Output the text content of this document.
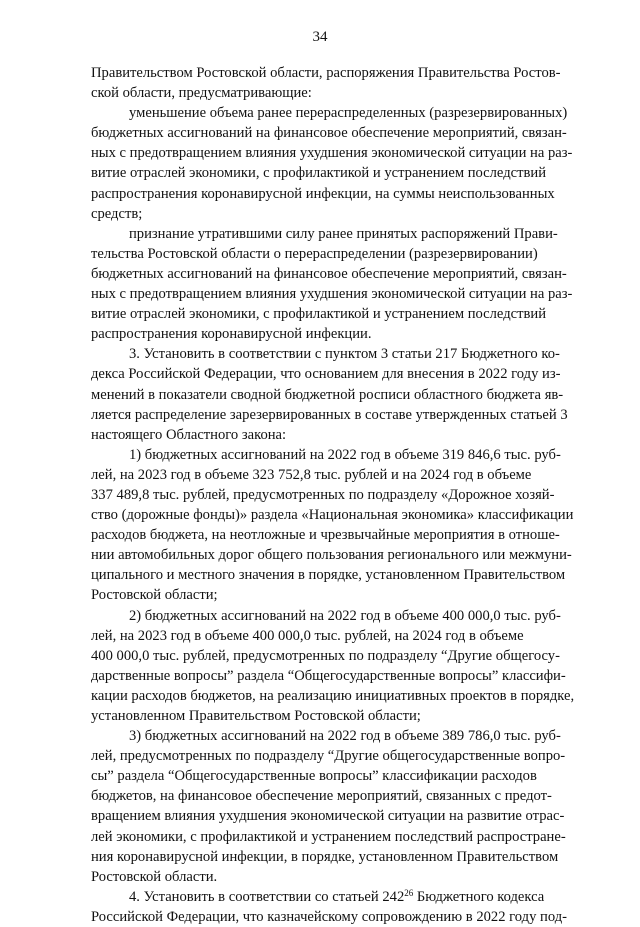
34

Правительством Ростовской области, распоряжения Правительства Ростов-
ской области, предусматривающие:

уменьшение объема ранее перераспределенных (разрезервированных)
бюджетных ассигнований на финансовое обеспечение мероприятий, связан-
ных с предотвращением влияния ухудшения экономической ситуации на раз-
витие отраслей экономики, с профилактикой и устранением последствий
распространения коронавирусной инфекции, на суммы неиспользованных
средств;

признание утратившими силу ранее принятых распоряжений Прави-
тельства Ростовской области о перераспределении (разрезервировании)
бюджетных ассигнований на финансовое обеспечение мероприятий, связан-
ных с предотвращением влияния ухудшения экономической ситуации на раз-
витие отраслей экономики, с профилактикой и устранением последствий
распространения коронавирусной инфекции.

3. Установить в соответствии с пунктом 3 статьи 217 Бюджетного ко-
декса Российской Федерации, что основанием для внесения в 2022 году из-
менений в показатели сводной бюджетной росписи областного бюджета яв-
ляется распределение зарезервированных в составе утвержденных статьей 3
настоящего Областного закона:

1) бюджетных ассигнований на 2022 год в объеме 319 846,6 тыс. руб-
лей, на 2023 год в объеме 323 752,8 тыс. рублей и на 2024 год в объеме
337 489,8 тыс. рублей, предусмотренных по подразделу «Дорожное хозяй-
ство (дорожные фонды)» раздела «Национальная экономика» классификации
расходов бюджета, на неотложные и чрезвычайные мероприятия в отноше-
нии автомобильных дорог общего пользования регионального или межмуни-
ципального и местного значения в порядке, установленном Правительством
Ростовской области;

2) бюджетных ассигнований на 2022 год в объеме 400 000,0 тыс. руб-
лей, на 2023 год в объеме 400 000,0 тыс. рублей, на 2024 год в объеме
400 000,0 тыс. рублей, предусмотренных по подразделу “Другие общегосу-
дарственные вопросы” раздела “Общегосударственные вопросы” классифи-
кации расходов бюджетов, на реализацию инициативных проектов в порядке,
установленном Правительством Ростовской области;

3) бюджетных ассигнований на 2022 год в объеме 389 786,0 тыс. руб-
лей, предусмотренных по подразделу “Другие общегосударственные вопро-
сы” раздела “Общегосударственные вопросы” классификации расходов
бюджетов, на финансовое обеспечение мероприятий, связанных с предот-
вращением влияния ухудшения экономической ситуации на развитие отрас-
лей экономики, с профилактикой и устранением последствий распростране-
ния коронавирусной инфекции, в порядке, установленном Правительством
Ростовской области.

4. Установить в соответствии со статьей $242^{26}$ Бюджетного кодекса
Российской Федерации, что казначейскому сопровождению в 2022 году под-
